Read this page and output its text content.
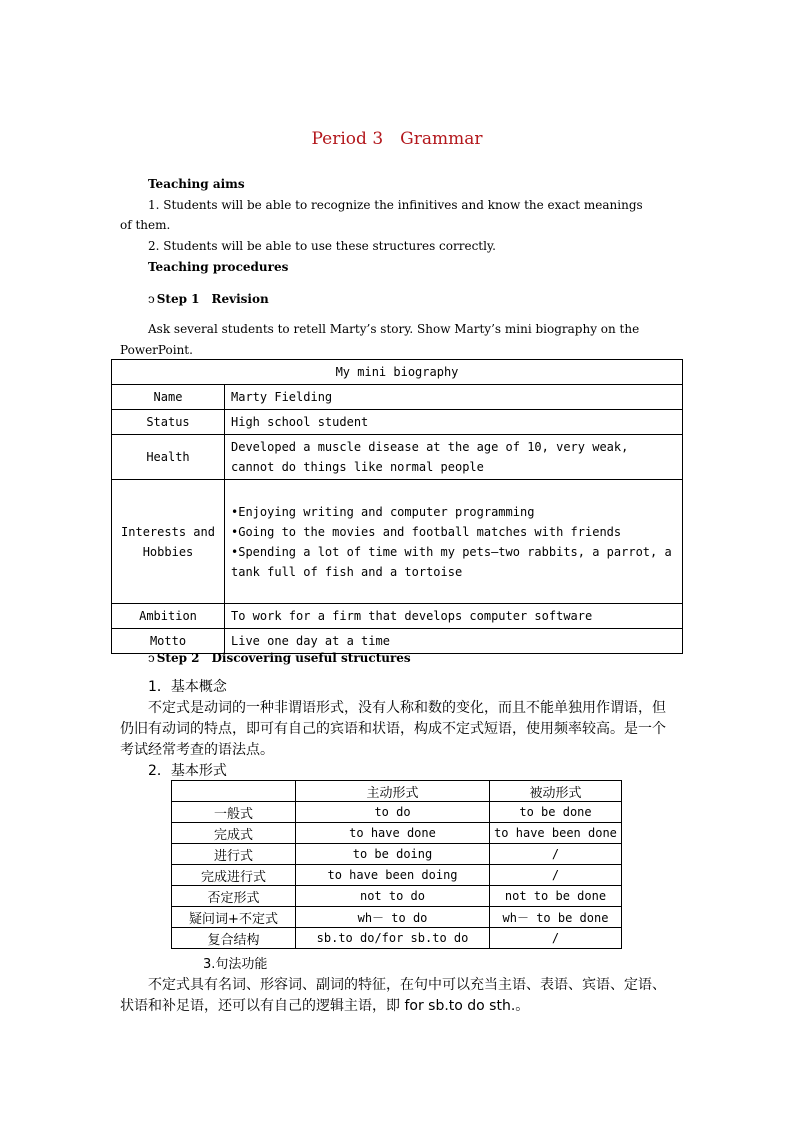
Period 3　Grammar
Teaching aims
1. Students will be able to recognize the infinitives and know the exact meanings
of them.
2. Students will be able to use these structures correctly.
Teaching procedures
ↄ Step 1　Revision
Ask several students to retell Marty’s story. Show Marty’s mini biography on the
PowerPoint.
My mini biography	
Name	Marty Fielding
Status	High school student
Health	Developed a muscle disease at the age of 10, very weak, cannot do things like normal people
Interests and Hobbies	•Enjoying writing and computer programming
•Going to the movies and football matches with friends
•Spending a lot of time with my pets—two rabbits, a parrot, a tank full of fish and a tortoise

Ambition	To work for a firm that develops computer software
Motto	Live one day at a time
ↄ Step 2　Discovering useful structures
1．基本概念
不定式是动词的一种非谓语形式，没有人称和数的变化，而且不能单独用作谓语，但仍旧有动词的特点，即可有自己的宾语和状语，构成不定式短语，使用频率较高。是一个考试经常考查的语法点。
2．基本形式
	主动形式	被动形式
一般式	to do	to be done
完成式	to have done	to have been done
进行式	to be doing	/
完成进行式	to have been doing	/
否定形式	not to do	not to be done
疑问词+不定式	wh－ to do	wh－ to be done
复合结构	sb.to do/for sb.to do	/
3.句法功能
不定式具有名词、形容词、副词的特征，在句中可以充当主语、表语、宾语、定语、状语和补足语，还可以有自己的逻辑主语，即 for sb.to do sth.。
